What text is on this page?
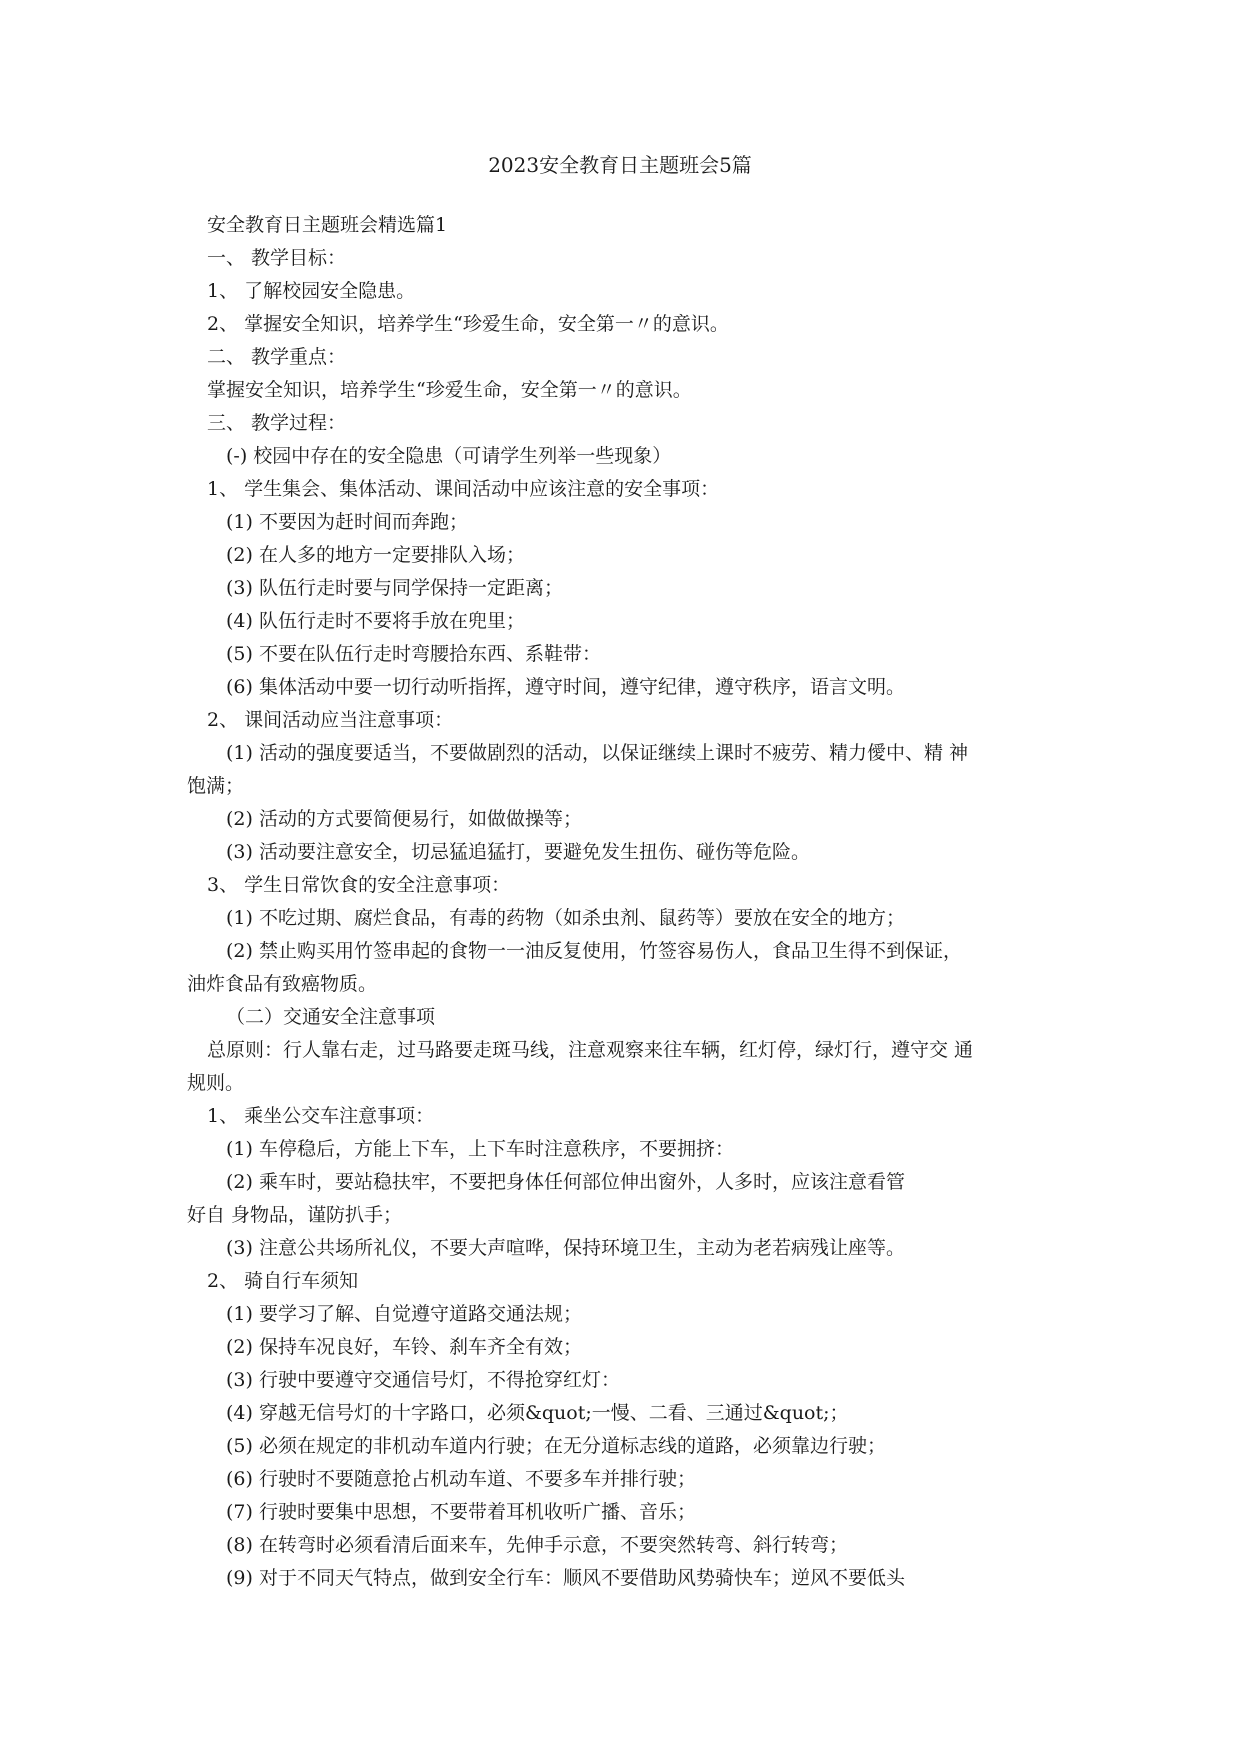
2023安全教育日主题班会5篇
安全教育日主题班会精选篇1
一、 教学目标：
1、 了解校园安全隐患。
2、 掌握安全知识，培养学生“珍爱生命，安全第一〃的意识。
二、 教学重点：
掌握安全知识，培养学生“珍爱生命，安全第一〃的意识。
三、 教学过程：
(-) 校园中存在的安全隐患（可请学生列举一些现象）
1、 学生集会、集体活动、课间活动中应该注意的安全事项：
(1) 不要因为赶时间而奔跑；
(2) 在人多的地方一定要排队入场；
(3) 队伍行走时要与同学保持一定距离；
(4) 队伍行走时不要将手放在兜里；
(5) 不要在队伍行走时弯腰拾东西、系鞋带：
(6) 集体活动中要一切行动听指挥，遵守时间，遵守纪律，遵守秩序，语言文明。
2、 课间活动应当注意事项：
(1) 活动的强度要适当，不要做剧烈的活动，以保证继续上课时不疲劳、精力僾中、精 神
饱满；
(2) 活动的方式要简便易行，如做做操等；
(3) 活动要注意安全，切忌猛追猛打，要避免发生扭伤、碰伤等危险。
3、 学生日常饮食的安全注意事项：
(1) 不吃过期、腐烂食品，有毒的药物（如杀虫剂、鼠药等）要放在安全的地方；
(2) 禁止购买用竹签串起的食物一一油反复使用，竹签容易伤人，食品卫生得不到保证，
油炸食品有致癌物质。
（二）交通安全注意事项
总原则：行人靠右走，过马路要走斑马线，注意观察来往车辆，红灯停，绿灯行，遵守交 通
规则。
1、 乘坐公交车注意事项：
(1) 车停稳后，方能上下车，上下车时注意秩序，不要拥挤：
(2) 乘车时，要站稳扶牢，不要把身体任何部位伸出窗外，人多时，应该注意看管
好自 身物品，谨防扒手；
(3) 注意公共场所礼仪，不要大声喧哗，保持环境卫生，主动为老若病残让座等。
2、 骑自行车须知
(1) 要学习了解、自觉遵守道路交通法规；
(2) 保持车况良好，车铃、刹车齐全有效；
(3) 行驶中要遵守交通信号灯，不得抢穿红灯：
(4) 穿越无信号灯的十字路口，必须&quot;一慢、二看、三通过&quot;；
(5) 必须在规定的非机动车道内行驶；在无分道标志线的道路，必须靠边行驶；
(6) 行驶时不要随意抢占机动车道、不要多车并排行驶；
(7) 行驶时要集中思想，不要带着耳机收听广播、音乐；
(8) 在转弯时必须看清后面来车，先伸手示意，不要突然转弯、斜行转弯；
(9) 对于不同天气特点，做到安全行车：顺风不要借助风势骑快车；逆风不要低头
